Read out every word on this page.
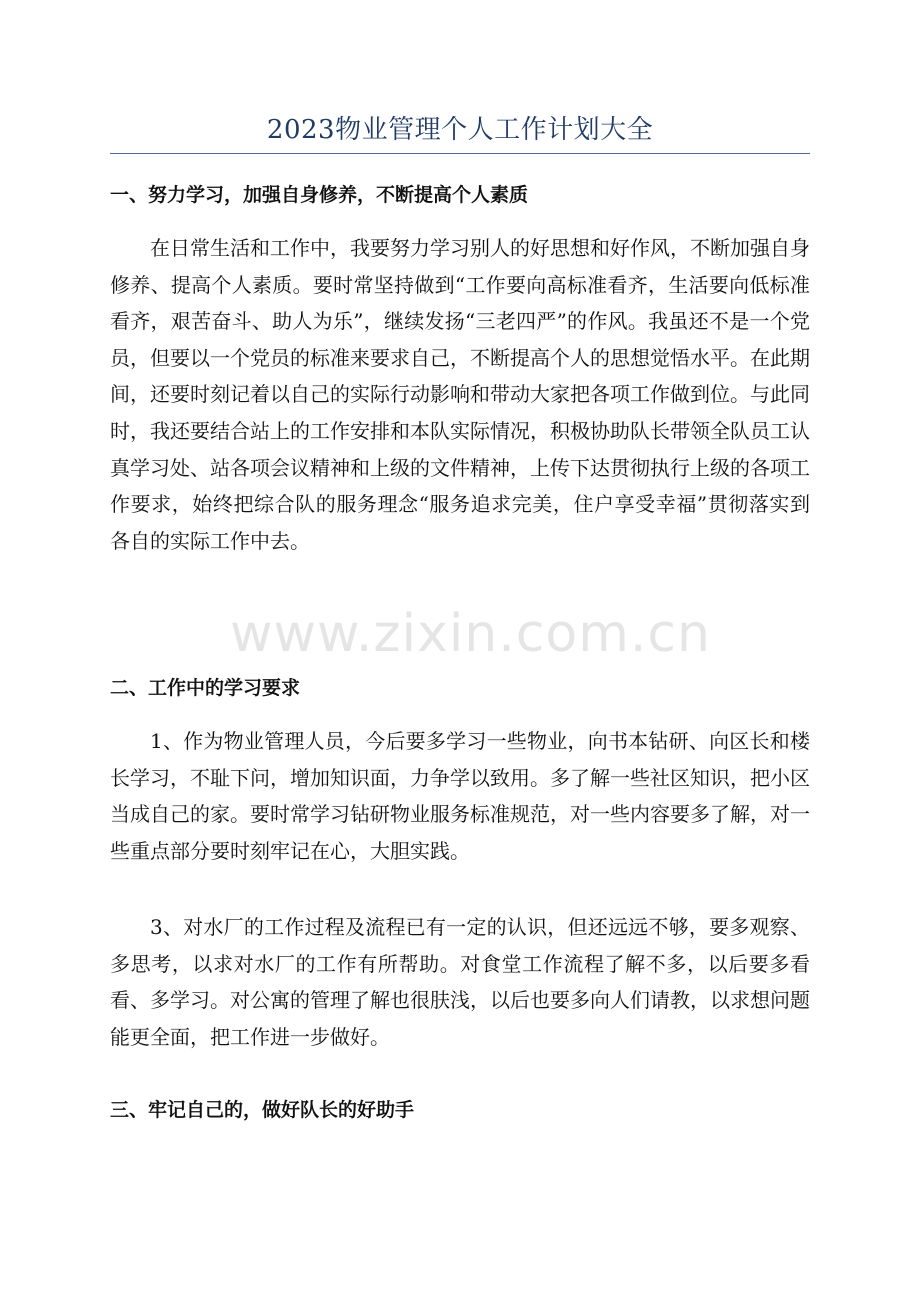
2023物业管理个人工作计划大全
一、努力学习，加强自身修养，不断提高个人素质

在日常生活和工作中，我要努力学习别人的好思想和好作风，不断加强自身修养、提高个人素质。要时常坚持做到“工作要向高标准看齐，生活要向低标准看齐，艰苦奋斗、助人为乐”，继续发扬“三老四严”的作风。我虽还不是一个党员，但要以一个党员的标准来要求自己，不断提高个人的思想觉悟水平。在此期间，还要时刻记着以自己的实际行动影响和带动大家把各项工作做到位。与此同时，我还要结合站上的工作安排和本队实际情况，积极协助队长带领全队员工认真学习处、站各项会议精神和上级的文件精神，上传下达贯彻执行上级的各项工作要求，始终把综合队的服务理念“服务追求完美，住户享受幸福”贯彻落实到各自的实际工作中去。

二、工作中的学习要求

1、作为物业管理人员，今后要多学习一些物业，向书本钻研、向区长和楼长学习，不耻下问，增加知识面，力争学以致用。多了解一些社区知识，把小区当成自己的家。要时常学习钻研物业服务标准规范，对一些内容要多了解，对一些重点部分要时刻牢记在心，大胆实践。

3、对水厂的工作过程及流程已有一定的认识，但还远远不够，要多观察、多思考，以求对水厂的工作有所帮助。对食堂工作流程了解不多，以后要多看看、多学习。对公寓的管理了解也很肤浅，以后也要多向人们请教，以求想问题能更全面，把工作进一步做好。

三、牢记自己的，做好队长的好助手
www.zixin.com.cn
